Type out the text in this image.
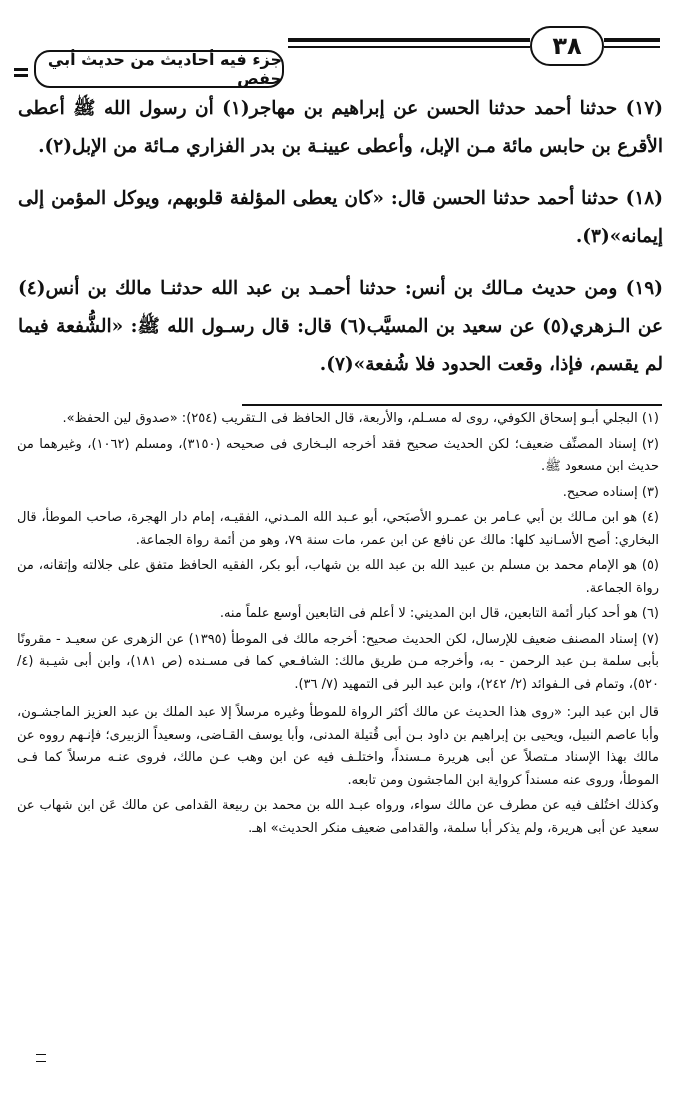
٣٨
جزء فيه أحاديث من حديث أبي حفص

(١٧) حدثنا أحمد حدثنا الحسن عن إبراهيم بن مهاجر(١) أن رسول الله ﷺ أعطى الأقرع بن حابس مائة مـن الإبل، وأعطى عيينـة بن بدر الفزاري مـائة من الإبل(٢).

(١٨) حدثنا أحمد حدثنا الحسن قال: «كان يعطى المؤلفة قلوبهم، ويوكل المؤمن إلى إيمانه»(٣).

(١٩) ومن حديث مـالك بن أنس: حدثنا أحمـد بن عبد الله حدثنـا مالك بن أنس(٤) عن الـزهري(٥) عن سعيد بن المسيَّب(٦) قال: قال رسـول الله ﷺ: «الشُّفعة فيما لم يقسم، فإذا، وقعت الحدود فلا شُفعة»(٧).

(١) البجلي أبـو إسحاق الكوفي، روى له مسـلم، والأربعة، قال الحافظ فى الـتقريب (٢٥٤): «صدوق لين الحفظ».

(٢) إسناد المصنِّف ضعيف؛ لكن الحديث صحيح فقد أخرجه البـخارى فى صحيحه (٣١٥٠)، ومسلم (١٠٦٢)، وغيرهما من حديث ابن مسعود ﷺ.

(٣) إسناده صحيح.

(٤) هو ابن مـالك بن أبي عـامر بن عمـرو الأصبَحي، أبو عـبد الله المـدني، الفقيـه، إمام دار الهجرة، صاحب الموطأ، قال البخاري: أصح الأسـانيد كلها: مالك عن نافع عن ابن عمر، مات سنة ٧٩، وهو من أئمة رواة الجماعة.

(٥) هو الإمام محمد بن مسلم بن عبيد الله بن عبد الله بن شهاب، أبو بكر، الفقيه الحافظ متفق على جلالته وإتقانه، من رواة الجماعة.

(٦) هو أحد كبار أئمة التابعين، قال ابن المديني: لا أعلم فى التابعين أوسع علماً منه.

(٧) إسناد المصنف ضعيف للإرسال، لكن الحديث صحيح: أخرجه مالك فى الموطأ (١٣٩٥) عن الزهرى عن سعيـد - مقرونًا بأبى سلمة بـن عبد الرحمن - به، وأخرجه مـن طريق مالك: الشافـعي كما فى مسـنده (ص ١٨١)، وابن أبى شيـبة (٤/ ٥٢٠)، وتمام فى الـفوائد (٢/ ٢٤٢)، وابن عبد البر فى التمهيد (٧/ ٣٦).

قال ابن عبد البر: «روى هذا الحديث عن مالك أكثر الرواة للموطأ وغيره مرسلاً إلا عبد الملك بن عبد العزيز الماجشـون، وأبا عاصم النبيل، ويحيى بن إبراهيم بن داود بـن أبى قُتيلة المدنى، وأبا يوسف القـاضى، وسعيداً الزبيرى؛ فإنـهم رووه عن مالك بهذا الإسناد مـتصلاً عن أبى هريرة مـسنداً، واختلـف فيه عن ابن وهب عـن مالك، فروى عنـه مرسلاً كما فـى الموطأ، وروى عنه مسنداً كرواية ابن الماجشون ومن تابعه.

وكذلك اختُلف فيه عن مطرف عن مالك سواء، ورواه عبـد الله بن محمد بن ربيعة القدامى عن مالك عَن ابن شهاب عن سعيد عن أبى هريرة، ولم يذكر أبا سلمة، والقدامى ضعيف منكر الحديث» اهـ.
